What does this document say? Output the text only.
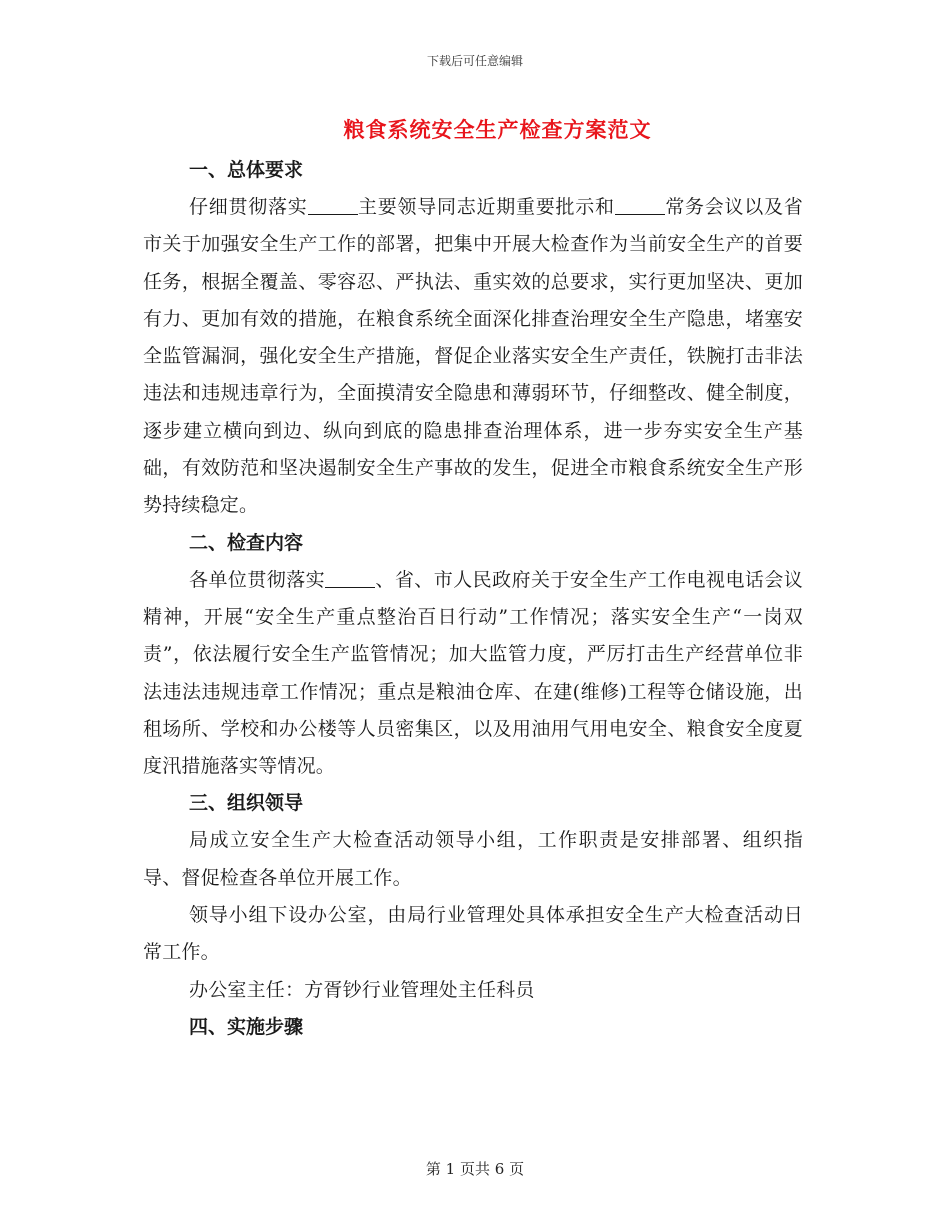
下载后可任意编辑
粮食系统安全生产检查方案范文
一、总体要求
仔细贯彻落实	主要领导同志近期重要批示和	常务会议以及省市关于加强安全生产工作的部署，把集中开展大检查作为当前安全生产的首要任务，根据全覆盖、零容忍、严执法、重实效的总要求，实行更加坚决、更加有力、更加有效的措施，在粮食系统全面深化排查治理安全生产隐患，堵塞安全监管漏洞，强化安全生产措施，督促企业落实安全生产责任，铁腕打击非法违法和违规违章行为，全面摸清安全隐患和薄弱环节，仔细整改、健全制度，逐步建立横向到边、纵向到底的隐患排查治理体系，进一步夯实安全生产基础，有效防范和坚决遏制安全生产事故的发生，促进全市粮食系统安全生产形势持续稳定。
二、检查内容
各单位贯彻落实	、省、市人民政府关于安全生产工作电视电话会议精神，开展“安全生产重点整治百日行动”工作情况；落实安全生产“一岗双责”，依法履行安全生产监管情况；加大监管力度，严厉打击生产经营单位非法违法违规违章工作情况；重点是粮油仓库、在建(维修)工程等仓储设施，出租场所、学校和办公楼等人员密集区，以及用油用气用电安全、粮食安全度夏度汛措施落实等情况。
三、组织领导
局成立安全生产大检查活动领导小组，工作职责是安排部署、组织指导、督促检查各单位开展工作。
领导小组下设办公室，由局行业管理处具体承担安全生产大检查活动日常工作。
办公室主任：方胥钞行业管理处主任科员
四、实施步骤
第 1 页共 6 页
